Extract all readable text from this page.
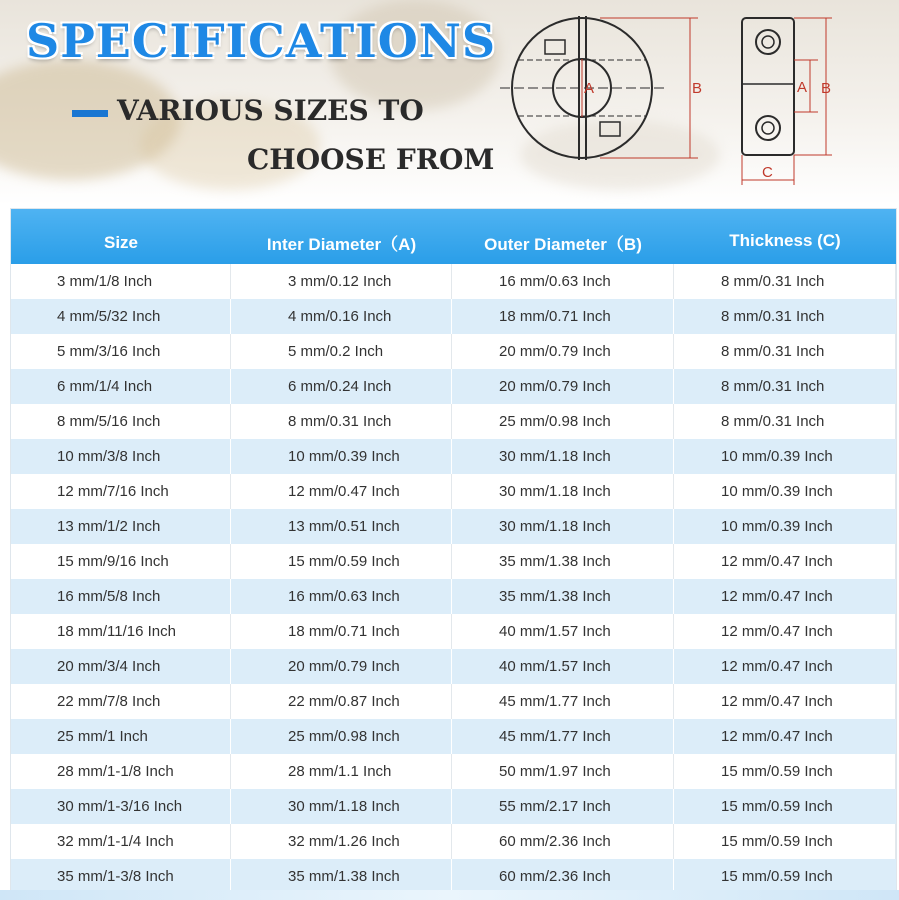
SPECIFICATIONS
VARIOUS SIZES TO
CHOOSE FROM
A	B	A B
C
Size	Inter Diameter（A)	Outer Diameter（B)	Thickness (C)
3 mm/1/8 Inch	3 mm/0.12 Inch	16 mm/0.63 Inch	8 mm/0.31 Inch
4 mm/5/32 Inch	4 mm/0.16 Inch	18 mm/0.71 Inch	8 mm/0.31 Inch
5 mm/3/16 Inch	5 mm/0.2 Inch	20 mm/0.79 Inch	8 mm/0.31 Inch
6 mm/1/4 Inch	6 mm/0.24 Inch	20 mm/0.79 Inch	8 mm/0.31 Inch
8 mm/5/16 Inch	8 mm/0.31 Inch	25 mm/0.98 Inch	8 mm/0.31 Inch
10 mm/3/8 Inch	10 mm/0.39 Inch	30 mm/1.18 Inch	10 mm/0.39 Inch
12 mm/7/16 Inch	12 mm/0.47 Inch	30 mm/1.18 Inch	10 mm/0.39 Inch
13 mm/1/2 Inch	13 mm/0.51 Inch	30 mm/1.18 Inch	10 mm/0.39 Inch
15 mm/9/16 Inch	15 mm/0.59 Inch	35 mm/1.38 Inch	12 mm/0.47 Inch
16 mm/5/8 Inch	16 mm/0.63 Inch	35 mm/1.38 Inch	12 mm/0.47 Inch
18 mm/11/16 Inch	18 mm/0.71 Inch	40 mm/1.57 Inch	12 mm/0.47 Inch
20 mm/3/4 Inch	20 mm/0.79 Inch	40 mm/1.57 Inch	12 mm/0.47 Inch
22 mm/7/8 Inch	22 mm/0.87 Inch	45 mm/1.77 Inch	12 mm/0.47 Inch
25 mm/1 Inch	25 mm/0.98 Inch	45 mm/1.77 Inch	12 mm/0.47 Inch
28 mm/1-1/8 Inch	28 mm/1.1 Inch	50 mm/1.97 Inch	15 mm/0.59 Inch
30 mm/1-3/16 Inch	30 mm/1.18 Inch	55 mm/2.17 Inch	15 mm/0.59 Inch
32 mm/1-1/4 Inch	32 mm/1.26 Inch	60 mm/2.36 Inch	15 mm/0.59 Inch
35 mm/1-3/8 Inch	35 mm/1.38 Inch	60 mm/2.36 Inch	15 mm/0.59 Inch
